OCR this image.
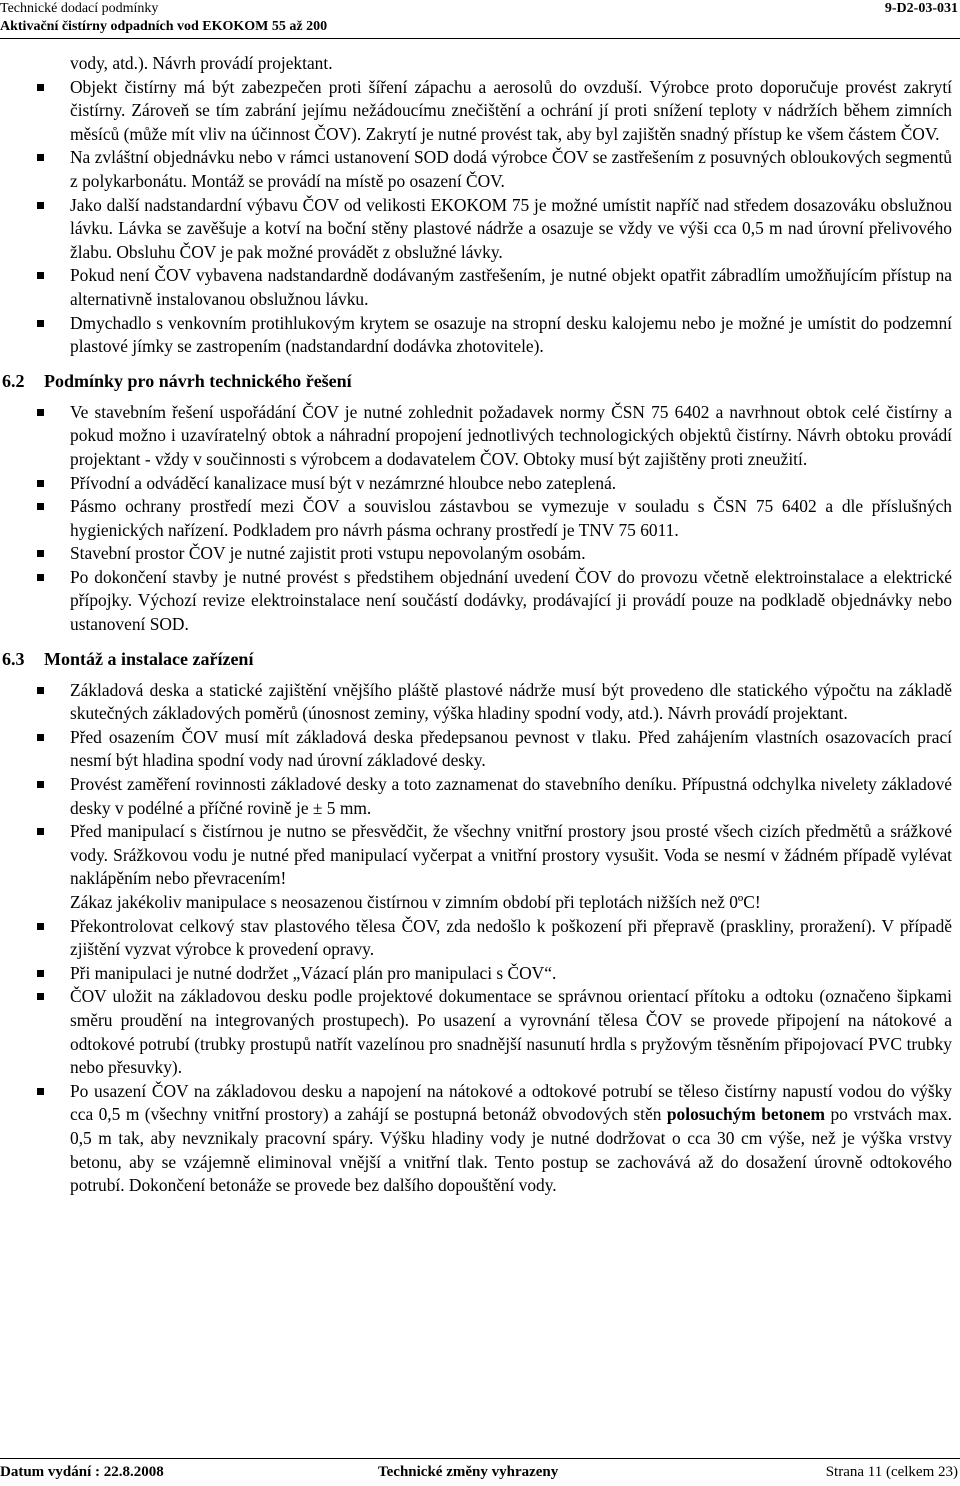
Technické dodací podmínky
Aktivační čistírny odpadních vod EKOKOM 55 až 200
9-D2-03-031
vody, atd.). Návrh provádí projektant.
Objekt čistírny má být zabezpečen proti šíření zápachu a aerosolů do ovzduší. Výrobce proto doporučuje provést zakrytí čistírny. Zároveň se tím zabrání jejímu nežádoucímu znečištění a ochrání jí proti snížení teploty v nádržích během zimních měsíců (může mít vliv na účinnost ČOV). Zakrytí je nutné provést tak, aby byl zajištěn snadný přístup ke všem částem ČOV.
Na zvláštní objednávku nebo v rámci ustanovení SOD dodá výrobce ČOV se zastřešením z posuvných obloukových segmentů z polykarbonátu. Montáž se provádí na místě po osazení ČOV.
Jako další nadstandardní výbavu ČOV od velikosti EKOKOM 75 je možné umístit napříč nad středem dosazováku obslužnou lávku. Lávka se zavěšuje a kotví na boční stěny plastové nádrže a osazuje se vždy ve výši cca 0,5 m nad úrovní přelivového žlabu. Obsluhu ČOV je pak možné provádět z obslužné lávky.
Pokud není ČOV vybavena nadstandardně dodávaným zastřešením, je nutné objekt opatřit zábradlím umožňujícím přístup na alternativně instalovanou obslužnou lávku.
Dmychadlo s venkovním protihlukovým krytem se osazuje na stropní desku kalojemu nebo je možné je umístit do podzemní plastové jímky se zastropením (nadstandardní dodávka zhotovitele).
6.2 Podmínky pro návrh technického řešení
Ve stavebním řešení uspořádání ČOV je nutné zohlednit požadavek normy ČSN 75 6402 a navrhnout obtok celé čistírny a pokud možno i uzavíratelný obtok a náhradní propojení jednotlivých technologických objektů čistírny. Návrh obtoku provádí projektant - vždy v součinnosti s výrobcem a dodavatelem ČOV. Obtoky musí být zajištěny proti zneužití.
Přívodní a odváděcí kanalizace musí být v nezámrzné hloubce nebo zateplená.
Pásmo ochrany prostředí mezi ČOV a souvislou zástavbou se vymezuje v souladu s ČSN 75 6402 a dle příslušných hygienických nařízení. Podkladem pro návrh pásma ochrany prostředí je TNV 75 6011.
Stavební prostor ČOV je nutné zajistit proti vstupu nepovolaným osobám.
Po dokončení stavby je nutné provést s předstihem objednání uvedení ČOV do provozu včetně elektroinstalace a elektrické přípojky. Výchozí revize elektroinstalace není součástí dodávky, prodávající ji provádí pouze na podkladě objednávky nebo ustanovení SOD.
6.3 Montáž a instalace zařízení
Základová deska a statické zajištění vnějšího pláště plastové nádrže musí být provedeno dle statického výpočtu na základě skutečných základových poměrů (únosnost zeminy, výška hladiny spodní vody, atd.). Návrh provádí projektant.
Před osazením ČOV musí mít základová deska předepsanou pevnost v tlaku. Před zahájením vlastních osazovacích prací nesmí být hladina spodní vody nad úrovní základové desky.
Provést zaměření rovinnosti základové desky a toto zaznamenat do stavebního deníku. Přípustná odchylka nivelety základové desky v podélné a příčné rovině je ± 5 mm.
Před manipulací s čistírnou je nutno se přesvědčit, že všechny vnitřní prostory jsou prosté všech cizích předmětů a srážkové vody. Srážkovou vodu je nutné před manipulací vyčerpat a vnitřní prostory vysušit. Voda se nesmí v žádném případě vylévat naklápěním nebo převracením!
Zákaz jakékoliv manipulace s neosazenou čistírnou v zimním období při teplotách nižších než 0ºC!
Překontrolovat celkový stav plastového tělesa ČOV, zda nedošlo k poškození při přepravě (praskliny, proražení). V případě zjištění vyzvat výrobce k provedení opravy.
Při manipulaci je nutné dodržet „Vázací plán pro manipulaci s ČOV“.
ČOV uložit na základovou desku podle projektové dokumentace se správnou orientací přítoku a odtoku (označeno šipkami směru proudění na integrovaných prostupech). Po usazení a vyrovnání tělesa ČOV se provede připojení na nátokové a odtokové potrubí (trubky prostupů natřít vazelínou pro snadnější nasunutí hrdla s pryžovým těsněním připojovací PVC trubky nebo přesuvky).
Po usazení ČOV na základovou desku a napojení na nátokové a odtokové potrubí se těleso čistírny napustí vodou do výšky cca 0,5 m (všechny vnitřní prostory) a zahájí se postupná betonáž obvodových stěn polosuchým betonem po vrstvách max. 0,5 m tak, aby nevznikaly pracovní spáry. Výšku hladiny vody je nutné dodržovat o cca 30 cm výše, než je výška vrstvy betonu, aby se vzájemně eliminoval vnější a vnitřní tlak. Tento postup se zachovává až do dosažení úrovně odtokového potrubí. Dokončení betonáže se provede bez dalšího dopouštění vody.
Datum vydání : 22.8.2008	Technické změny vyhrazeny	Strana 11 (celkem 23)
